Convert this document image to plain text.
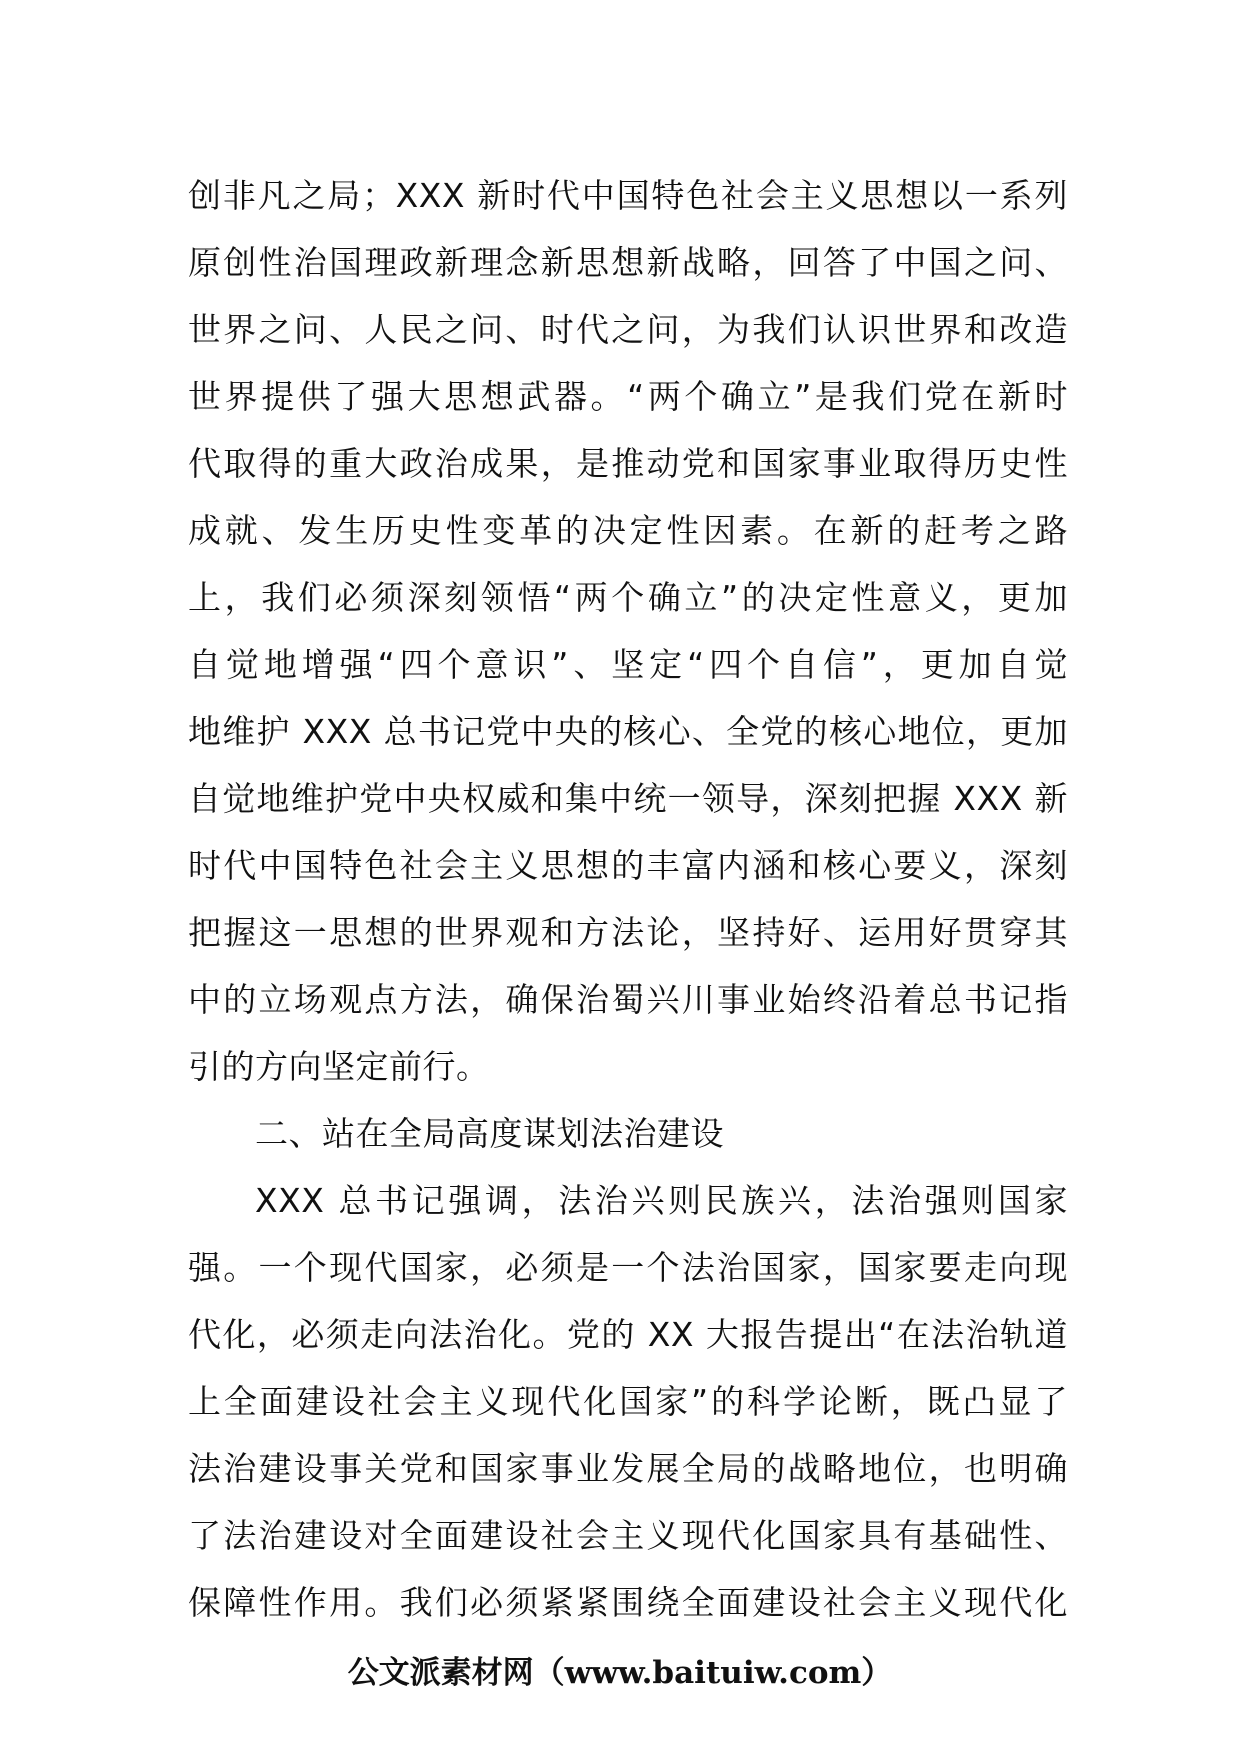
创非凡之局；XXX 新时代中国特色社会主义思想以一系列
原创性治国理政新理念新思想新战略，回答了中国之问、
世界之问、人民之问、时代之问，为我们认识世界和改造
世界提供了强大思想武器。“两个确立”是我们党在新时
代取得的重大政治成果，是推动党和国家事业取得历史性
成就、发生历史性变革的决定性因素。在新的赶考之路
上，我们必须深刻领悟“两个确立”的决定性意义，更加
自觉地增强“四个意识”、坚定“四个自信”，更加自觉
地维护 XXX 总书记党中央的核心、全党的核心地位，更加
自觉地维护党中央权威和集中统一领导，深刻把握 XXX 新
时代中国特色社会主义思想的丰富内涵和核心要义，深刻
把握这一思想的世界观和方法论，坚持好、运用好贯穿其
中的立场观点方法，确保治蜀兴川事业始终沿着总书记指
引的方向坚定前行。
二、站在全局高度谋划法治建设
XXX 总书记强调，法治兴则民族兴，法治强则国家
强。一个现代国家，必须是一个法治国家，国家要走向现
代化，必须走向法治化。党的 XX 大报告提出“在法治轨道
上全面建设社会主义现代化国家”的科学论断，既凸显了
法治建设事关党和国家事业发展全局的战略地位，也明确
了法治建设对全面建设社会主义现代化国家具有基础性、
保障性作用。我们必须紧紧围绕全面建设社会主义现代化
公文派素材网（www.baituiw.com）
